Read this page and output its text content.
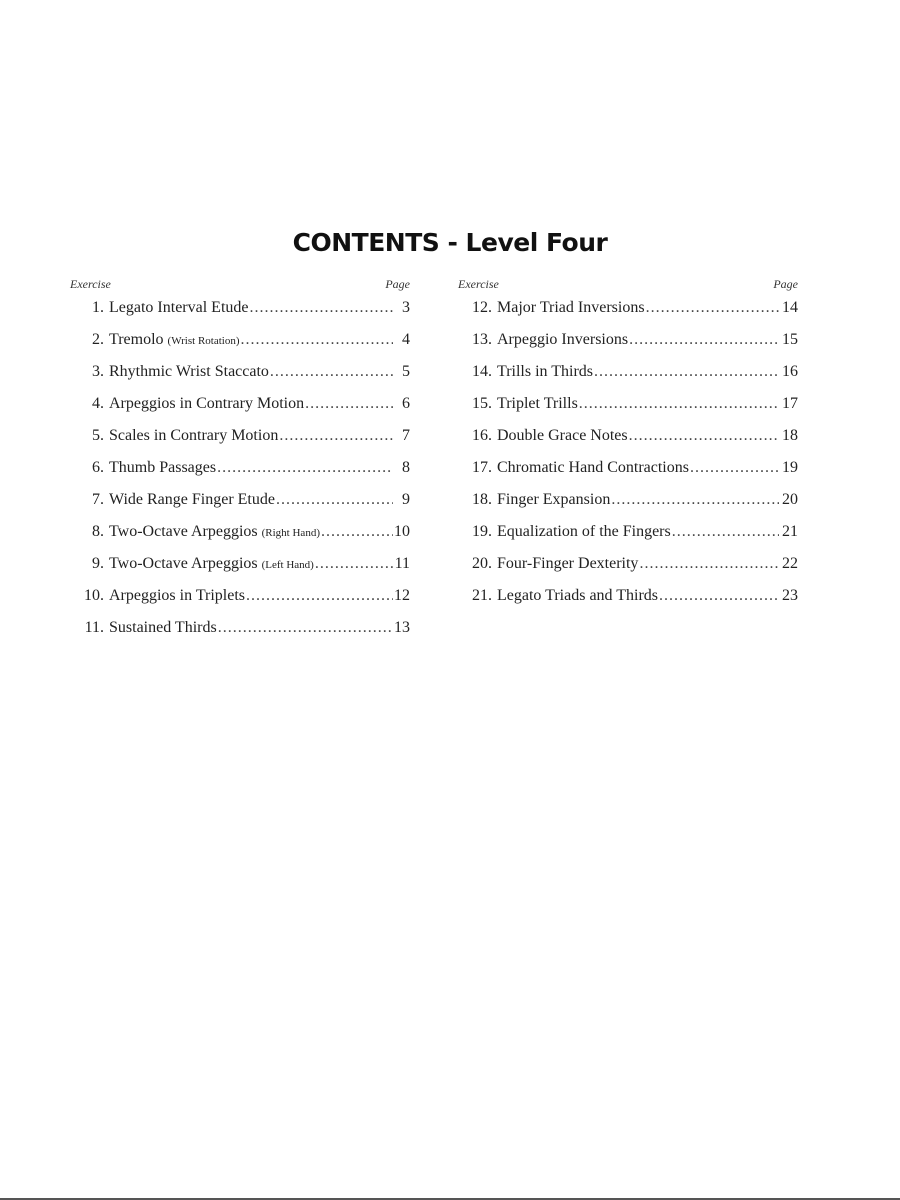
CONTENTS - Level Four
Exercise	Page
1. Legato Interval Etude .....	3
2. Tremolo (Wrist Rotation) .....	4
3. Rhythmic Wrist Staccato .....	5
4. Arpeggios in Contrary Motion .....	6
5. Scales in Contrary Motion .....	7
6. Thumb Passages .....	8
7. Wide Range Finger Etude .....	9
8. Two-Octave Arpeggios (Right Hand) .....	10
9. Two-Octave Arpeggios (Left Hand) .....	11
10. Arpeggios in Triplets .....	12
11. Sustained Thirds .....	13
Exercise	Page
12. Major Triad Inversions .....	14
13. Arpeggio Inversions .....	15
14. Trills in Thirds .....	16
15. Triplet Trills .....	17
16. Double Grace Notes .....	18
17. Chromatic Hand Contractions .....	19
18. Finger Expansion .....	20
19. Equalization of the Fingers .....	21
20. Four-Finger Dexterity .....	22
21. Legato Triads and Thirds .....	23
